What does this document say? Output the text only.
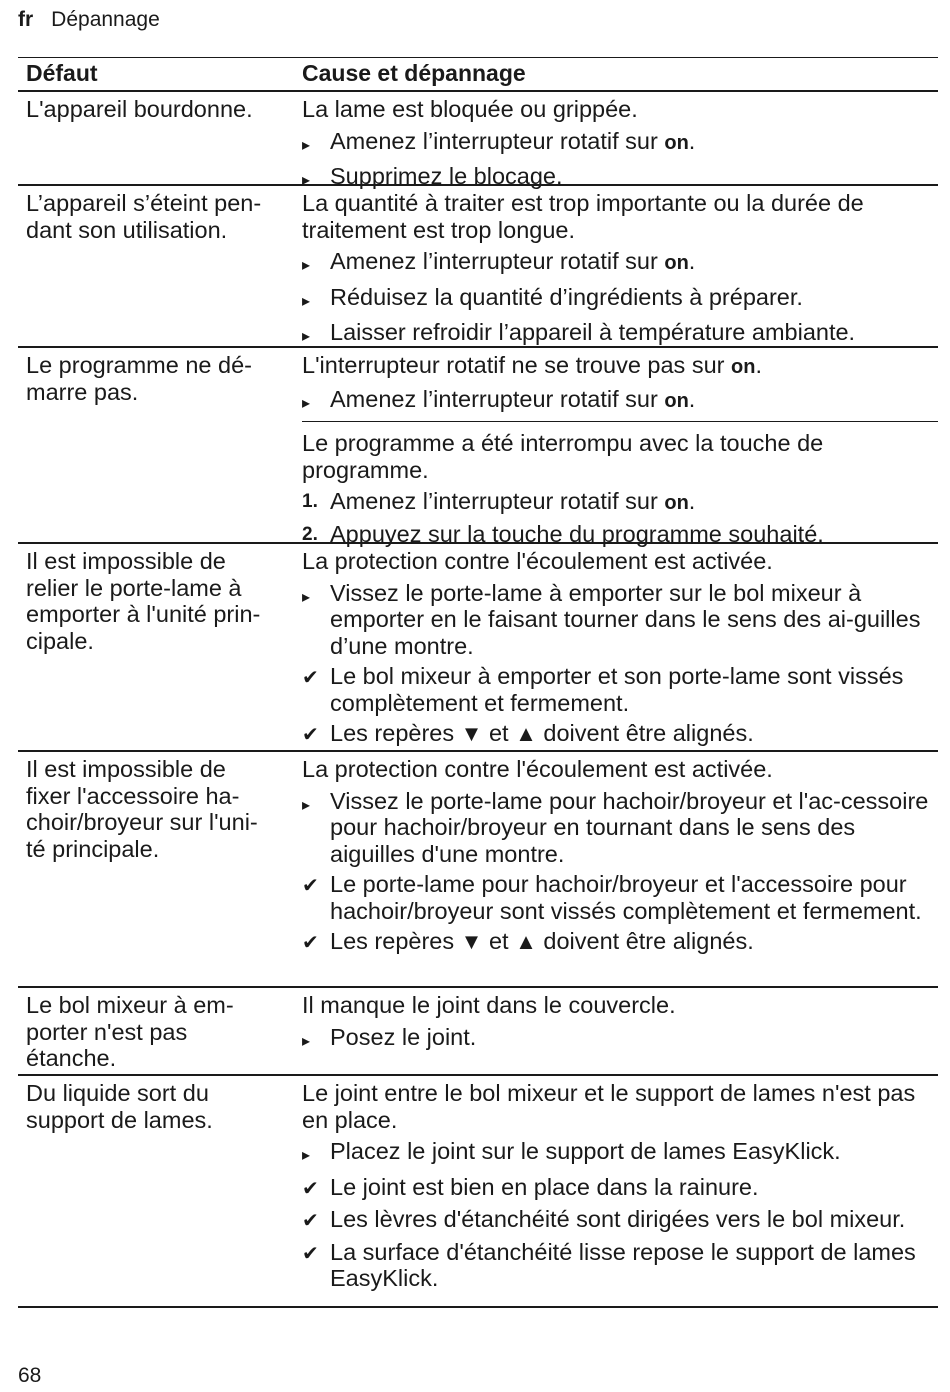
fr Dépannage
Défaut	Cause et dépannage
L'appareil bourdonne.	La lame est bloquée ou grippée.
▸ Amenez l’interrupteur rotatif sur on.
▸ Supprimez le blocage.
L’appareil s’éteint pen-
dant son utilisation.
La quantité à traiter est trop importante ou la durée de traitement est trop longue.
▸ Amenez l’interrupteur rotatif sur on.
▸ Réduisez la quantité d’ingrédients à préparer.
▸ Laisser refroidir l’appareil à température ambiante.
Le programme ne dé-
marre pas.
L'interrupteur rotatif ne se trouve pas sur on.
▸ Amenez l’interrupteur rotatif sur on.
Le programme a été interrompu avec la touche de programme.
1. Amenez l’interrupteur rotatif sur on.
2. Appuyez sur la touche du programme souhaité.
Il est impossible de
relier le porte-lame à
emporter à l'unité prin-
cipale.
La protection contre l'écoulement est activée.
▸ Vissez le porte-lame à emporter sur le bol mixeur à emporter en le faisant tourner dans le sens des ai-guilles d’une montre.
✔ Le bol mixeur à emporter et son porte-lame sont vissés complètement et fermement.
✔ Les repères ▼ et ▲ doivent être alignés.
Il est impossible de
fixer l'accessoire ha-
choir/broyeur sur l'uni-
té principale.
La protection contre l'écoulement est activée.
▸ Vissez le porte-lame pour hachoir/broyeur et l'ac-cessoire pour hachoir/broyeur en tournant dans le sens des aiguilles d'une montre.
✔ Le porte-lame pour hachoir/broyeur et l'accessoire pour hachoir/broyeur sont vissés complètement et fermement.
✔ Les repères ▼ et ▲ doivent être alignés.
Le bol mixeur à em-
porter n'est pas
étanche.
Il manque le joint dans le couvercle.
▸ Posez le joint.
Du liquide sort du
support de lames.
Le joint entre le bol mixeur et le support de lames n'est pas en place.
▸ Placez le joint sur le support de lames EasyKlick.
✔ Le joint est bien en place dans la rainure.
✔ Les lèvres d'étanchéité sont dirigées vers le bol mixeur.
✔ La surface d'étanchéité lisse repose le support de lames EasyKlick.
68
